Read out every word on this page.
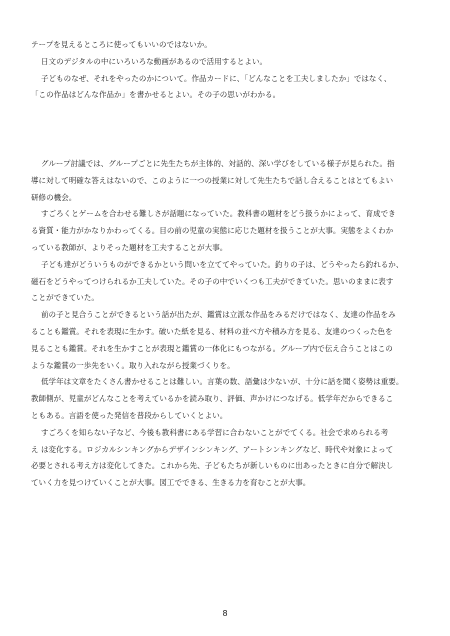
テープを見えるところに使ってもいいのではないか。
日文のデジタルの中にいろいろな動画があるので活用するとよい。
子どものなぜ、それをやったのかについて。作品カードに、「どんなことを工夫しましたか」ではなく、
「この作品はどんな作品か」を書かせるとよい。その子の思いがわかる。
グループ討議では、グループごとに先生たちが主体的、対話的、深い学びをしている様子が見られた。指
導に対して明確な答えはないので、このように一つの授業に対して先生たちで話し合えることはとてもよい
研修の機会。
すごろくとゲームを合わせる難しさが話題になっていた。教科書の題材をどう扱うかによって、育成でき
る資質・能力がかなりかわってくる。目の前の児童の実態に応じた題材を扱うことが大事。実態をよくわか
っている教師が、よりそった題材を工夫することが大事。
子ども達がどういうものができるかという問いを立ててやっていた。釣りの子は、どうやったら釣れるか、
磁石をどうやってつけられるか工夫していた。その子の中でいくつも工夫ができていた。思いのままに表す
ことができていた。
前の子と見合うことができるという話が出たが、鑑賞は立派な作品をみるだけではなく、友達の作品をみ
ることも鑑賞。それを表現に生かす。破いた紙を見る、材料の並べ方や積み方を見る、友達のつくった色を
見ることも鑑賞。それを生かすことが表現と鑑賞の一体化にもつながる。グループ内で伝え合うことはこの
ような鑑賞の一歩先をいく。取り入れながら授業づくりを。
低学年は文章をたくさん書かせることは難しい。言葉の数、語彙は少ないが、十分に話を聞く姿勢は重要。
教師側が、児童がどんなことを考えているかを読み取り、評価、声かけにつなげる。低学年だからできるこ
ともある。言語を使った発信を普段からしていくとよい。
すごろくを知らない子など、今後も教科書にある学習に合わないことがでてくる。社会で求められる考
え は変化する。ロジカルシンキングからデザインシンキング、アートシンキングなど、時代や対象によって
必要とされる考え方は変化してきた。これから先、子どもたちが新しいものに出あったときに自分で解決し
ていく力を見つけていくことが大事。図工でできる、生きる力を育むことが大事。
8
